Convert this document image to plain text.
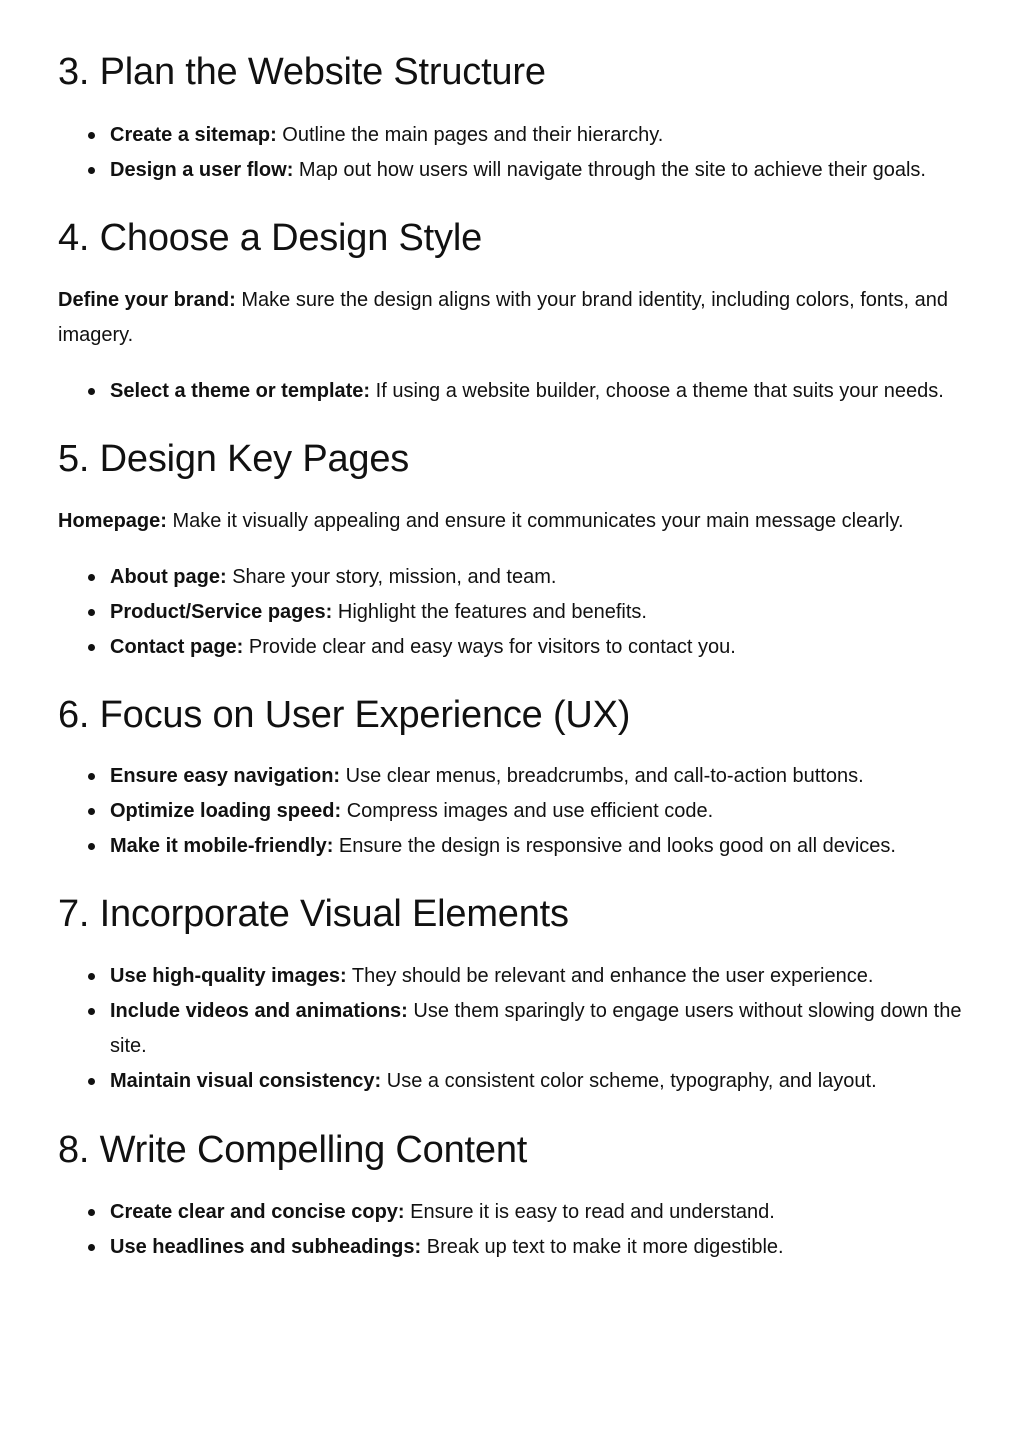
3. Plan the Website Structure
Create a sitemap: Outline the main pages and their hierarchy.
Design a user flow: Map out how users will navigate through the site to achieve their goals.
4. Choose a Design Style

Define your brand: Make sure the design aligns with your brand identity, including colors, fonts, and imagery.

Select a theme or template: If using a website builder, choose a theme that suits your needs.
5. Design Key Pages

Homepage: Make it visually appealing and ensure it communicates your main message clearly.

About page: Share your story, mission, and team.
Product/Service pages: Highlight the features and benefits.
Contact page: Provide clear and easy ways for visitors to contact you.
6. Focus on User Experience (UX)
Ensure easy navigation: Use clear menus, breadcrumbs, and call-to-action buttons.
Optimize loading speed: Compress images and use efficient code.
Make it mobile-friendly: Ensure the design is responsive and looks good on all devices.
7. Incorporate Visual Elements
Use high-quality images: They should be relevant and enhance the user experience.
Include videos and animations: Use them sparingly to engage users without slowing down the site.
Maintain visual consistency: Use a consistent color scheme, typography, and layout.
8. Write Compelling Content
Create clear and concise copy: Ensure it is easy to read and understand.
Use headlines and subheadings: Break up text to make it more digestible.
